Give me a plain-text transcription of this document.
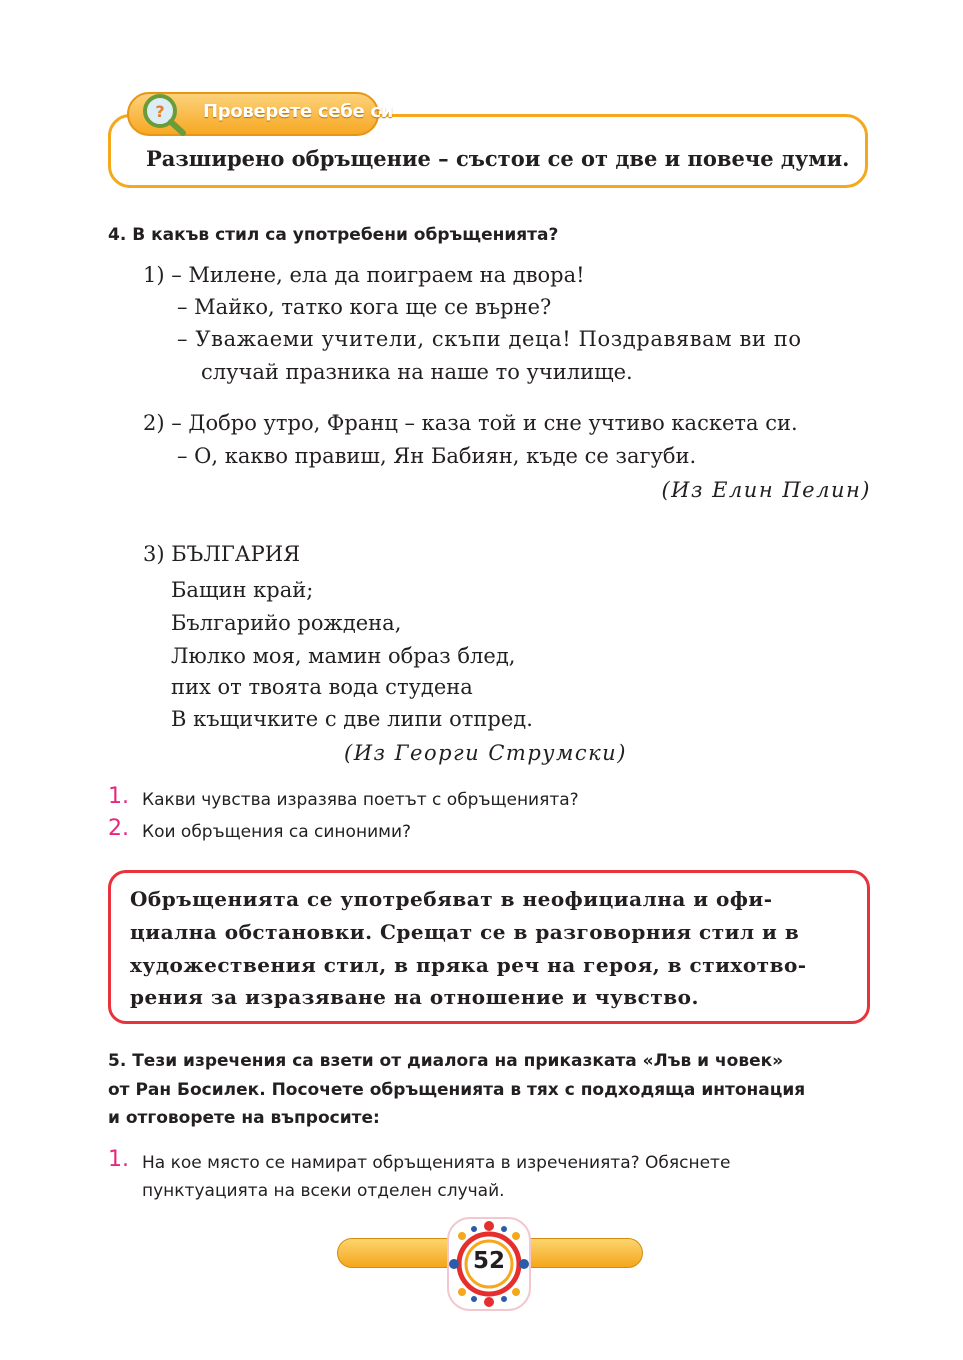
? Проверете себе си
Разширено обръщение – състои се от две и повече думи.
4. В какъв стил са употребени обръщенията?
1) – Милене, ела да поиграем на двора!
– Майко, татко кога ще се върне?
– Уважаеми учители, скъпи деца! Поздравявам ви по
случай празника на наше то училище.
2) – Добро утро, Франц – каза той и сне учтиво каскета си.
– О, какво правиш, Ян Бабиян, къде се загуби.
(Из Елин Пелин)
3) БЪЛГАРИЯ
Бащин край;
Българийо рождена,
Люлко моя, мамин образ блед,
пих от твоята вода студена
В къщичките с две липи отпред.
(Из Георги Струмски)
1. Какви чувства изразява поетът с обръщенията?
2. Кои обръщения са синоними?
Обръщенията се употребяват в неофициална и офи-
циална обстановки. Срещат се в разговорния стил и в
художествения стил, в пряка реч на героя, в стихотво-
рения за изразяване на отношение и чувство.
5. Тези изречения са взети от диалога на приказката «Лъв и човек»
от Ран Босилек. Посочете обръщенията в тях с подходяща интонация
и отговорете на въпросите:
1. На кое място се намират обръщенията в изреченията? Обяснете
пунктуацията на всеки отделен случай.
52
